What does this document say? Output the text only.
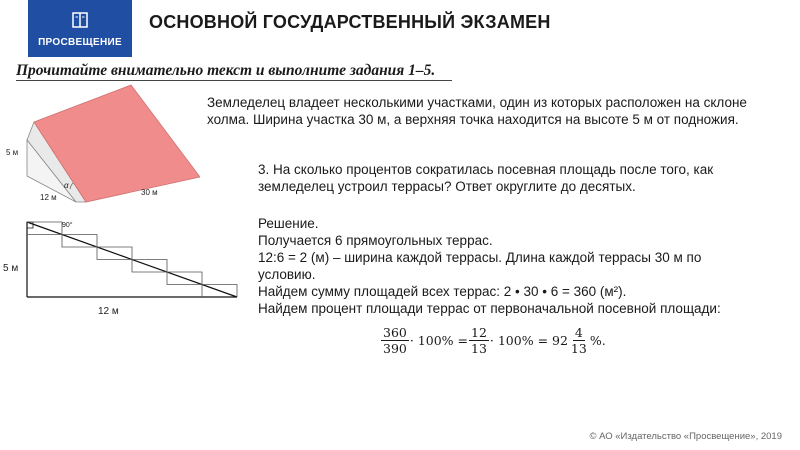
ПРОСВЕЩЕНИЕ
ОСНОВНОЙ ГОСУДАРСТВЕННЫЙ ЭКЗАМЕН
Прочитайте внимательно текст и выполните задания 1–5.
5 м
12 м
30 м
α
90°
5 м
12 м
Земледелец владеет несколькими участками, один из которых расположен на склоне холма. Ширина участка 30 м, а верхняя точка находится на высоте 5 м от подножия.
3. На сколько процентов сократилась посевная площадь после того, как земледелец устроил террасы? Ответ округлите до десятых.
Решение.
Получается 6 прямоугольных террас.
12:6 = 2 (м) – ширина каждой террасы. Длина каждой террасы 30 м по
условию.
Найдем сумму площадей всех террас: 2 • 30 • 6 = 360 (м²).
Найдем процент площади террас от первоначальной посевной площади:
$\frac{360}{390} \cdot 100\% = \frac{12}{13} \cdot 100\% = 92 \frac{4}{13}$ %.
© АО «Издательство «Просвещение», 2019
